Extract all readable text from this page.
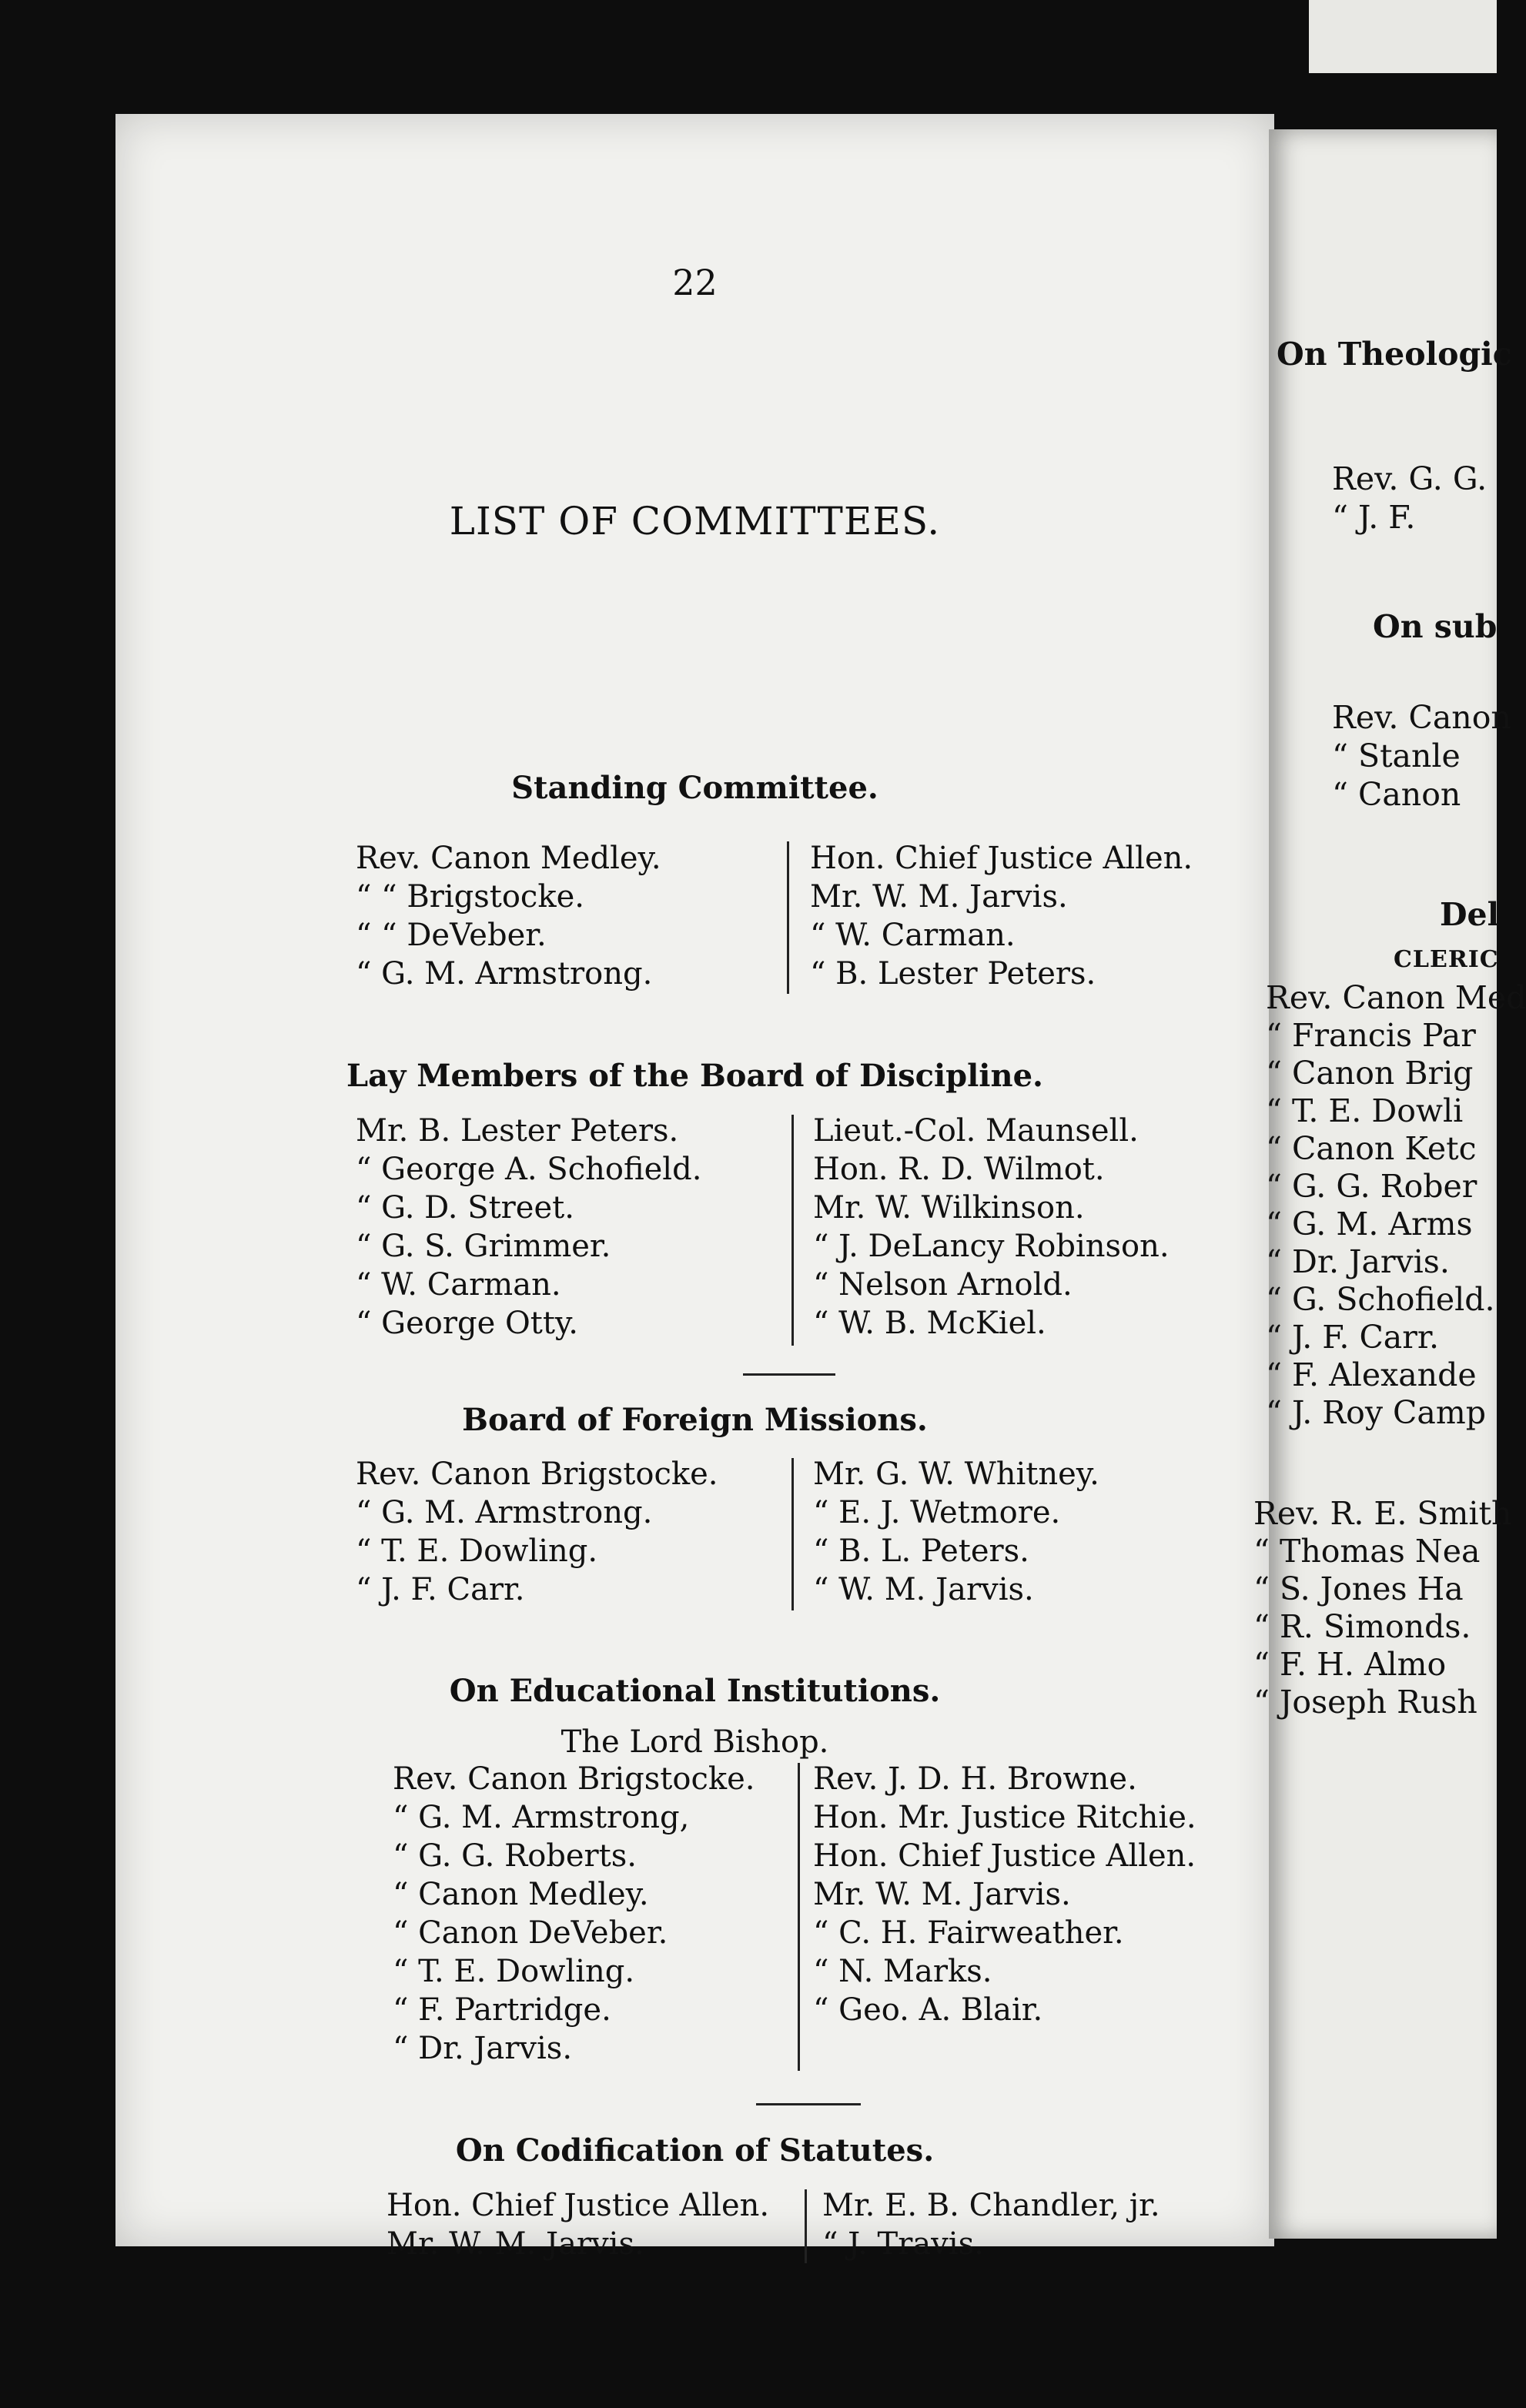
22
LIST OF COMMITTEES.
Standing Committee.
Rev. Canon Medley.
“ “ Brigstocke.
“ “ DeVeber.
“ G. M. Armstrong.
Hon. Chief Justice Allen.
Mr. W. M. Jarvis.
“ W. Carman.
“ B. Lester Peters.
Lay Members of the Board of Discipline.
Mr. B. Lester Peters.
“ George A. Schofield.
“ G. D. Street.
“ G. S. Grimmer.
“ W. Carman.
“ George Otty.
Lieut.-Col. Maunsell.
Hon. R. D. Wilmot.
Mr. W. Wilkinson.
“ J. DeLancy Robinson.
“ Nelson Arnold.
“ W. B. McKiel.
Board of Foreign Missions.
Rev. Canon Brigstocke.
“ G. M. Armstrong.
“ T. E. Dowling.
“ J. F. Carr.
Mr. G. W. Whitney.
“ E. J. Wetmore.
“ B. L. Peters.
“ W. M. Jarvis.
On Educational Institutions.
The Lord Bishop.
Rev. Canon Brigstocke.
“ G. M. Armstrong,
“ G. G. Roberts.
“ Canon Medley.
“ Canon DeVeber.
“ T. E. Dowling.
“ F. Partridge.
“ Dr. Jarvis.
Rev. J. D. H. Browne.
Hon. Mr. Justice Ritchie.
Hon. Chief Justice Allen.
Mr. W. M. Jarvis.
“ C. H. Fairweather.
“ N. Marks.
“ Geo. A. Blair.
On Codification of Statutes.
Hon. Chief Justice Allen.
Mr. W. M. Jarvis.
Mr. E. B. Chandler, jr.
“ J. Travis.
On Theologic
Rev. G. G.
“ J. F.
On sub
Rev. Canon
“ Stanle
“ Canon
Del
CLERIC
Rev. Canon Med
“ Francis Par
“ Canon Brig
“ T. E. Dowli
“ Canon Ketc
“ G. G. Rober
“ G. M. Arms
“ Dr. Jarvis.
“ G. Schofield.
“ J. F. Carr.
“ F. Alexande
“ J. Roy Camp
Rev. R. E. Smith
“ Thomas Nea
“ S. Jones Ha
“ R. Simonds.
“ F. H. Almo
“ Joseph Rush
